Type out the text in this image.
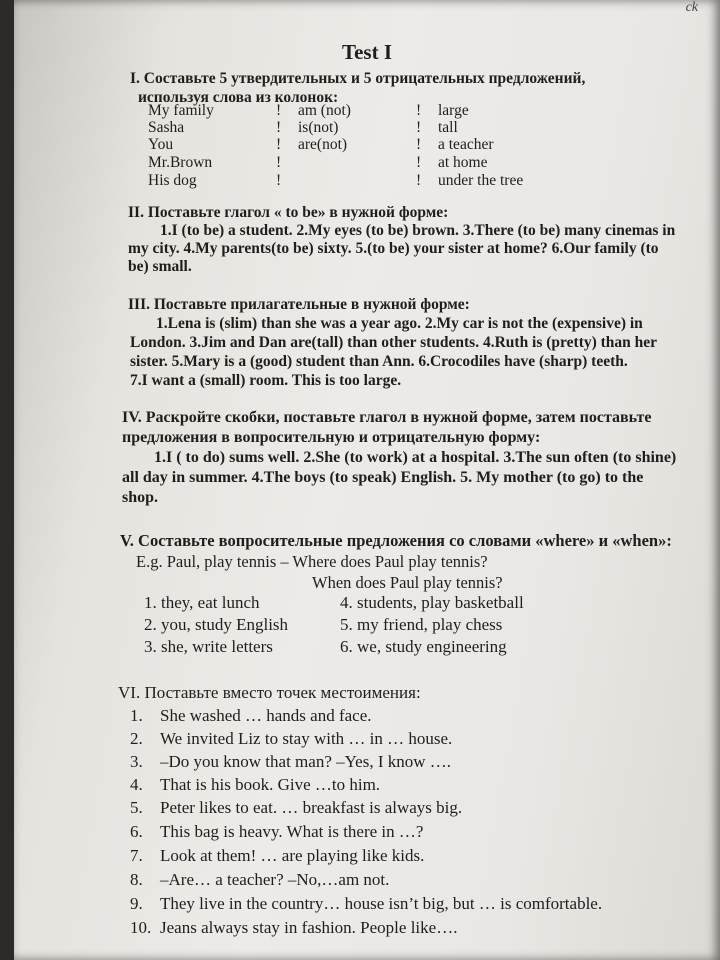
ck
Test I
I. Составьте 5 утвердительных и 5 отрицательных предложений,
используя слова из колонок:
My family	! am (not)	! large
Sasha	! is(not)	! tall
You	! are(not)	! a teacher
Mr.Brown	!	! at home
His dog	!	! under the tree
II. Поставьте глагол « to be» в нужной форме:
1.I (to be) a student. 2.My eyes (to be) brown. 3.There (to be) many cinemas in
my city. 4.My parents(to be) sixty. 5.(to be) your sister at home? 6.Our family (to
be) small.
III. Поставьте прилагательные в нужной форме:
1.Lena is (slim) than she was a year ago. 2.My car is not the (expensive) in
London. 3.Jim and Dan are(tall) than other students. 4.Ruth is (pretty) than her
sister. 5.Mary is a (good) student than Ann. 6.Crocodiles have (sharp) teeth.
7.I want a (small) room. This is too large.
IV. Раскройте скобки, поставьте глагол в нужной форме, затем поставьте
предложения в вопросительную и отрицательную форму:
1.I ( to do) sums well. 2.She (to work) at a hospital. 3.The sun often (to shine)
all day in summer. 4.The boys (to speak) English. 5. My mother (to go) to the
shop.
V. Составьте вопросительные предложения со словами «where» и «when»:
E.g. Paul, play tennis – Where does Paul play tennis?
When does Paul play tennis?
1. they, eat lunch
2. you, study English
3. she, write letters
4. students, play basketball
5. my friend, play chess
6. we, study engineering
VI. Поставьте вместо точек местоимения:
1. She washed … hands and face.
2. We invited Liz to stay with … in … house.
3. –Do you know that man? –Yes, I know ….
4. That is his book. Give …to him.
5. Peter likes to eat. … breakfast is always big.
6. This bag is heavy. What is there in …?
7. Look at them! … are playing like kids.
8. –Are… a teacher? –No,…am not.
9. They live in the country… house isn’t big, but … is comfortable.
10. Jeans always stay in fashion. People like….
